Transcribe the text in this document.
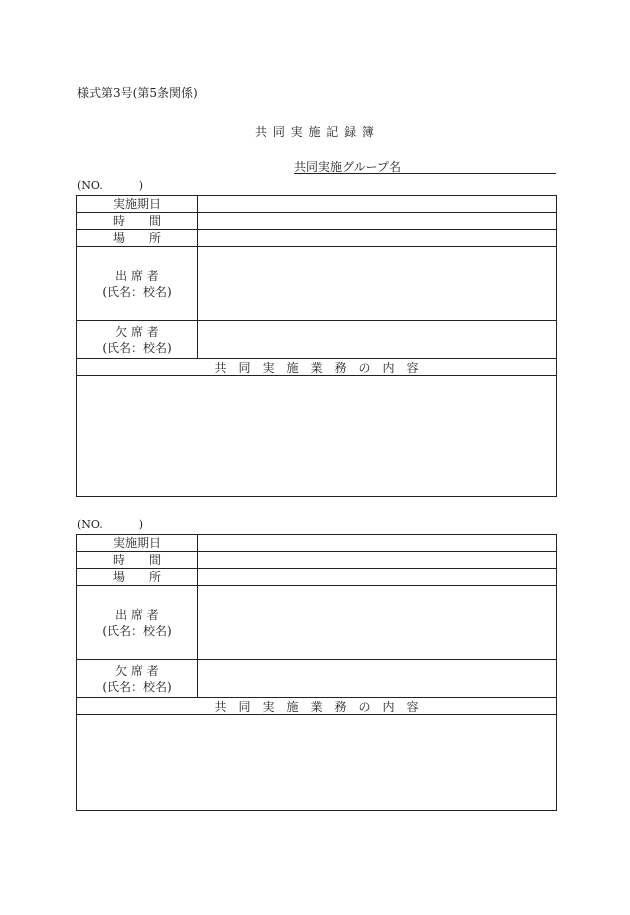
様式第3号(第5条関係)
共 同 実 施 記 録 簿
共同実施グループ名
(NO.	)
実施期日
時　　間
場　　所
出 席 者
(氏名：校名)
欠 席 者
(氏名：校名)
共　同　実　施　業　務　の　内　容
(NO.	)
実施期日
時　　間
場　　所
出 席 者
(氏名：校名)
欠 席 者
(氏名：校名)
共　同　実　施　業　務　の　内　容
